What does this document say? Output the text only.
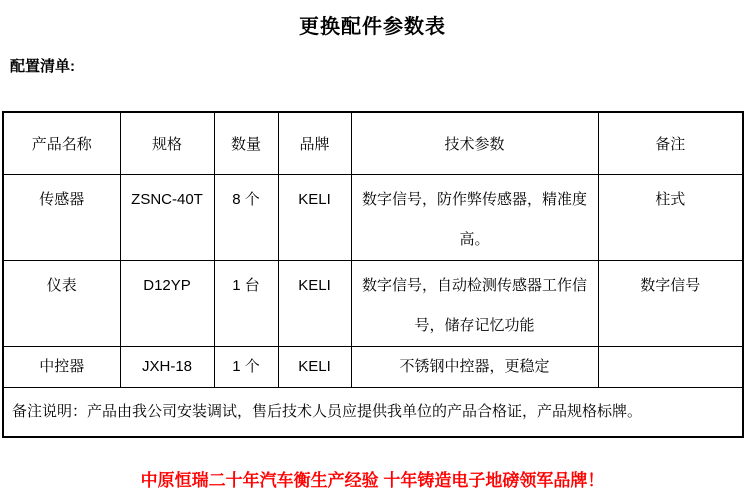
更换配件参数表
配置清单:
产品名称	规格	数量	品牌	技术参数	备注
传感器	ZSNC-40T	8 个	KELI	数字信号，防作弊传感器，精准度高。	柱式
仪表	D12YP	1 台	KELI	数字信号，自动检测传感器工作信号，储存记忆功能	数字信号
中控器	JXH-18	1 个	KELI	不锈钢中控器，更稳定	
备注说明：产品由我公司安装调试，售后技术人员应提供我单位的产品合格证，产品规格标牌。					
中原恒瑞二十年汽车衡生产经验 十年铸造电子地磅领军品牌！
